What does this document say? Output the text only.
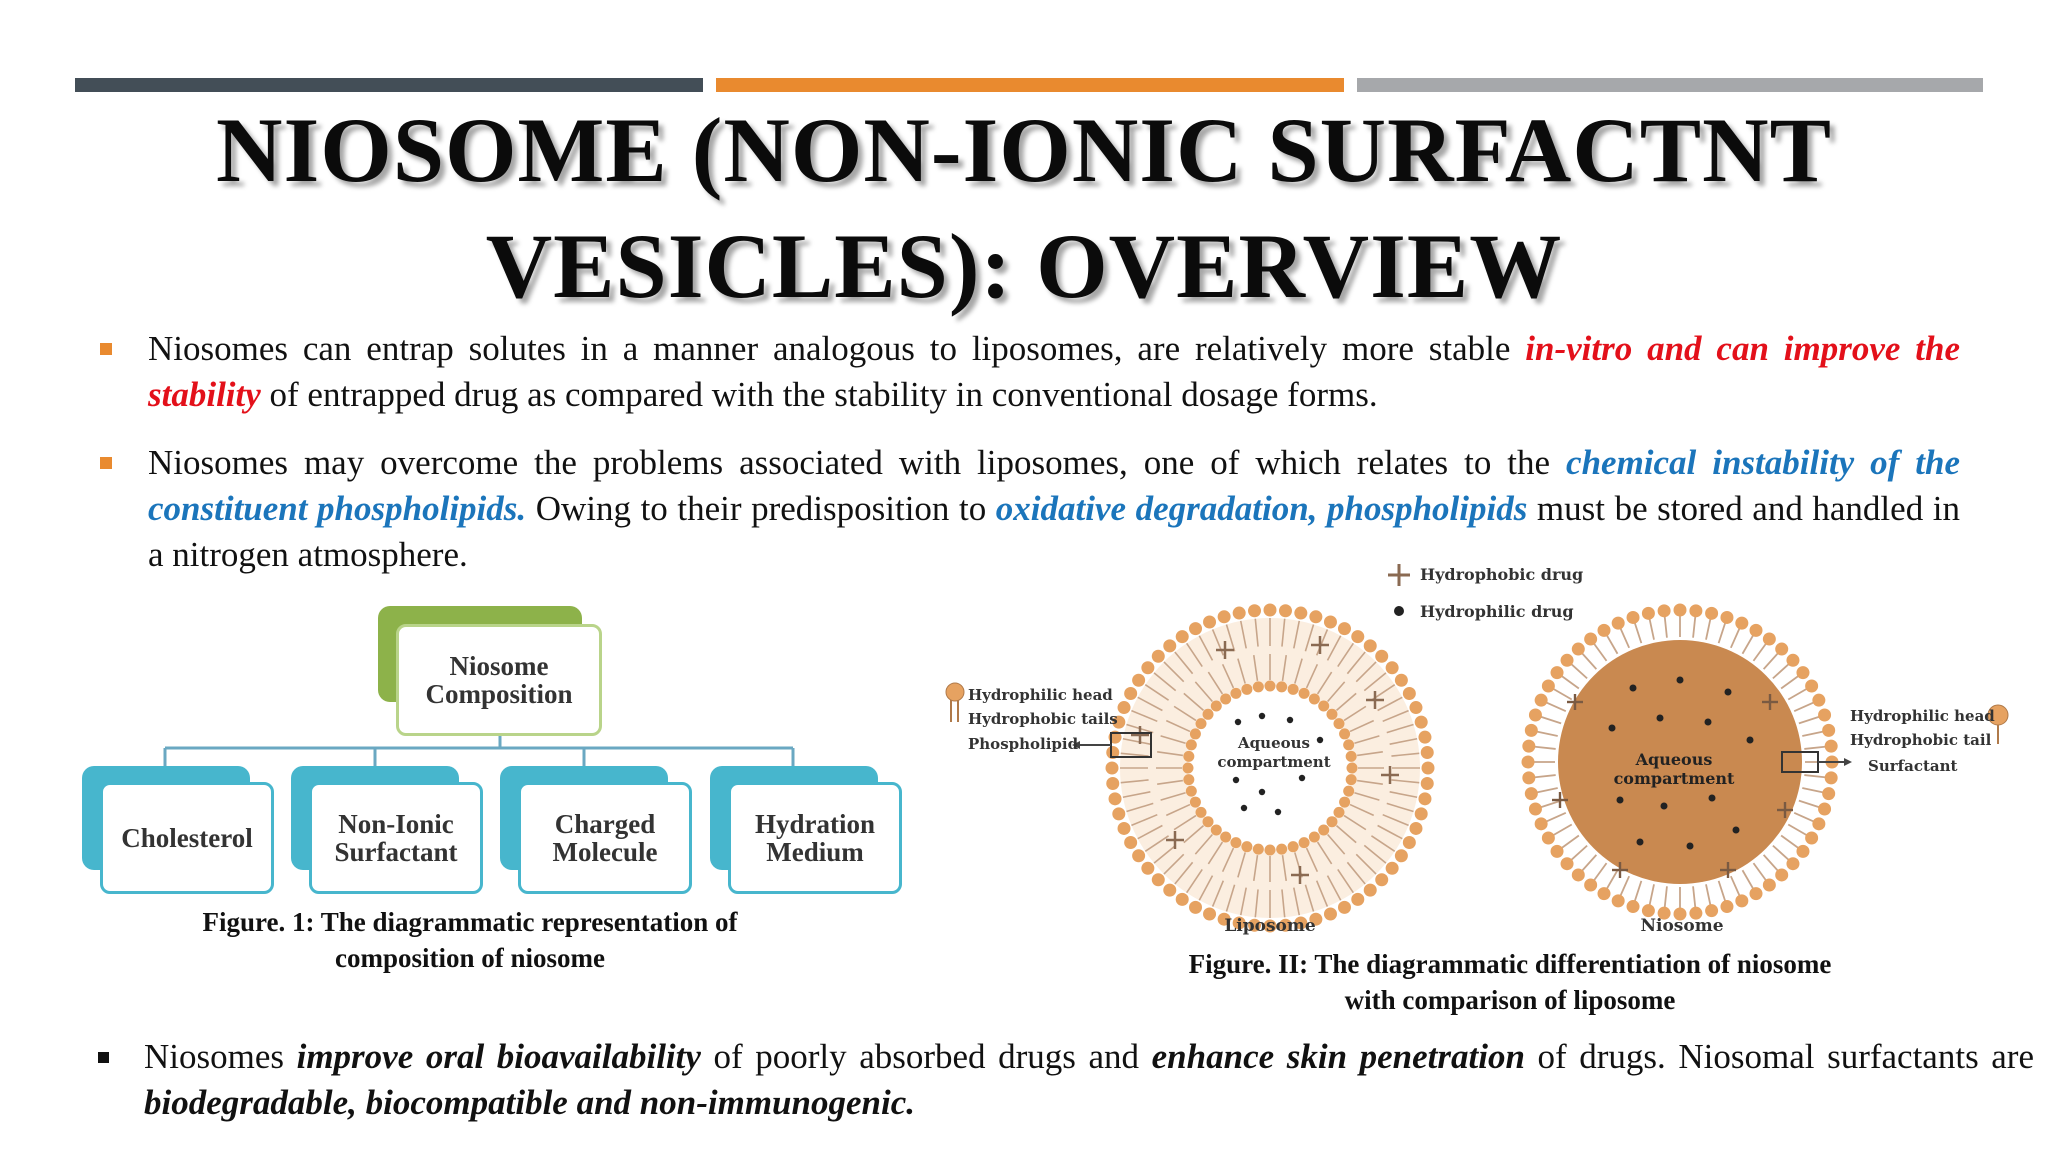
NIOSOME (NON-IONIC SURFACTNT
VESICLES): OVERVIEW
Niosomes can entrap solutes in a manner analogous to liposomes, are relatively more stable in-vitro and can improve the stability of entrapped drug as compared with the stability in conventional dosage forms.
Niosomes may overcome the problems associated with liposomes, one of which relates to the chemical instability of the constituent phospholipids. Owing to their predisposition to oxidative degradation, phospholipids must be stored and handled in a nitrogen atmosphere.
Niosome
Composition
Cholesterol	Non-Ionic
Surfactant
Charged
Molecule
Hydration
Medium
Figure. 1: The diagrammatic representation of
composition of niosome
Hydrophobic drug
Hydrophilic drug
Hydrophilic head
Hydrophobic tails
Phospholipid	Aqueous
compartment	Aqueous compartment
Hydrophilic head
Hydrophobic tail
Surfactant
Liposome	Niosome
Figure. II: The diagrammatic differentiation of niosome
with comparison of liposome
Niosomes improve oral bioavailability of poorly absorbed drugs and enhance skin penetration of drugs. Niosomal surfactants are biodegradable, biocompatible and non-immunogenic.
